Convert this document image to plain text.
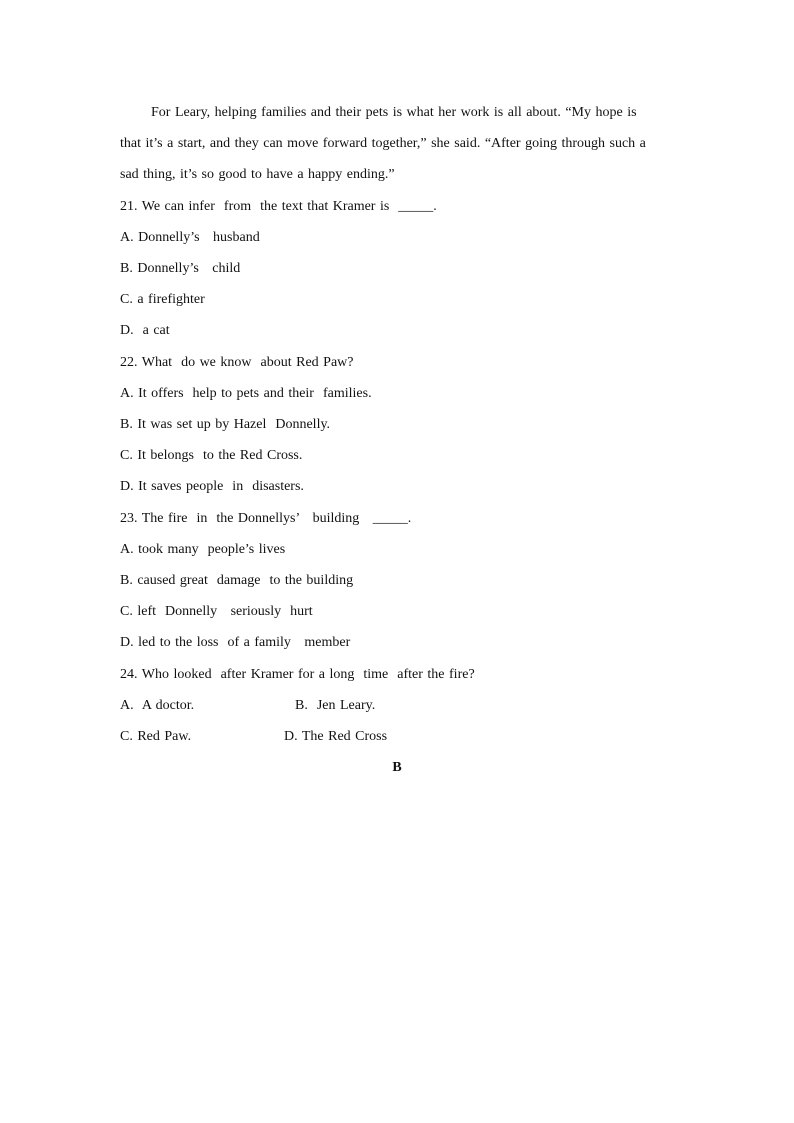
For Leary, helping families and their pets is what her work is all about. “My hope is that it’s a start, and they can move forward together,” she said. “After going through such a sad thing, it’s so good to have a happy ending.”

21. We can infer  from  the text that Kramer is  _____.

A. Donnelly’s   husband

B. Donnelly’s   child

C. a firefighter

D.  a cat

22. What  do we know  about Red Paw?

A. It offers  help to pets and their  families.

B. It was set up by Hazel  Donnelly.

C. It belongs  to the Red Cross.

D. It saves people  in  disasters.

23. The fire  in  the Donnellys’   building   _____.

A. took many  people’s lives

B. caused great  damage  to the building

C. left  Donnelly   seriously  hurt

D. led to the loss  of a family   member

24. Who looked  after Kramer for a long  time  after the fire?

A.  A doctor.

	B.  Jen Leary.

C. Red Paw.

	D. The Red Cross

B
